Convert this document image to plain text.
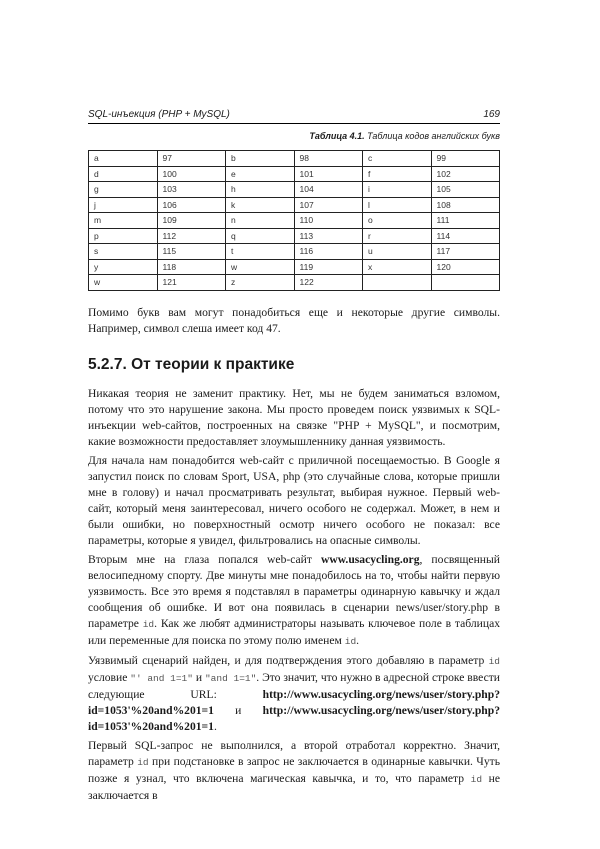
SQL-инъекция (PHP + MySQL)	169
Таблица 4.1. Таблица кодов английских букв
a	97	b	98	c	99
d	100	e	101	f	102
g	103	h	104	i	105
j	106	k	107	l	108
m	109	n	110	o	111
p	112	q	113	r	114
s	115	t	116	u	117
y	118	w	119	x	120
w	121	z	122		

Помимо букв вам могут понадобиться еще и некоторые другие символы. Например, символ слеша имеет код 47.

5.2.7. От теории к практике

Никакая теория не заменит практику. Нет, мы не будем заниматься взломом, потому что это нарушение закона. Мы просто проведем поиск уязвимых к SQL-инъекции web-сайтов, построенных на связке "PHP + MySQL", и посмотрим, какие возможности предоставляет злоумышленнику данная уязвимость.

Для начала нам понадобится web-сайт с приличной посещаемостью. В Google я запустил поиск по словам Sport, USA, php (это случайные слова, которые пришли мне в голову) и начал просматривать результат, выбирая нужное. Первый web-сайт, который меня заинтересовал, ничего особого не содержал. Может, в нем и были ошибки, но поверхностный осмотр ничего особого не показал: все параметры, которые я увидел, фильтровались на опасные символы.

Вторым мне на глаза попался web-сайт www.usacycling.org, посвященный велосипедному спорту. Две минуты мне понадобилось на то, чтобы найти первую уязвимость. Все это время я подставлял в параметры одинарную кавычку и ждал сообщения об ошибке. И вот она появилась в сценарии news/user/story.php в параметре id. Как же любят администраторы называть ключевое поле в таблицах или переменные для поиска по этому полю именем id.

Уязвимый сценарий найден, и для подтверждения этого добавляю в параметр id условие "' and 1=1" и "and 1=1". Это значит, что нужно в адресной строке ввести следующие URL: http://www.usacycling.org/news/user/story.php?id=1053'%20and%201=1 и http://www.usacycling.org/news/user/story.php?id=1053'%20and%201=1.

Первый SQL-запрос не выполнился, а второй отработал корректно. Значит, параметр id при подстановке в запрос не заключается в одинарные кавычки. Чуть позже я узнал, что включена магическая кавычка, и то, что параметр id не заключается в
